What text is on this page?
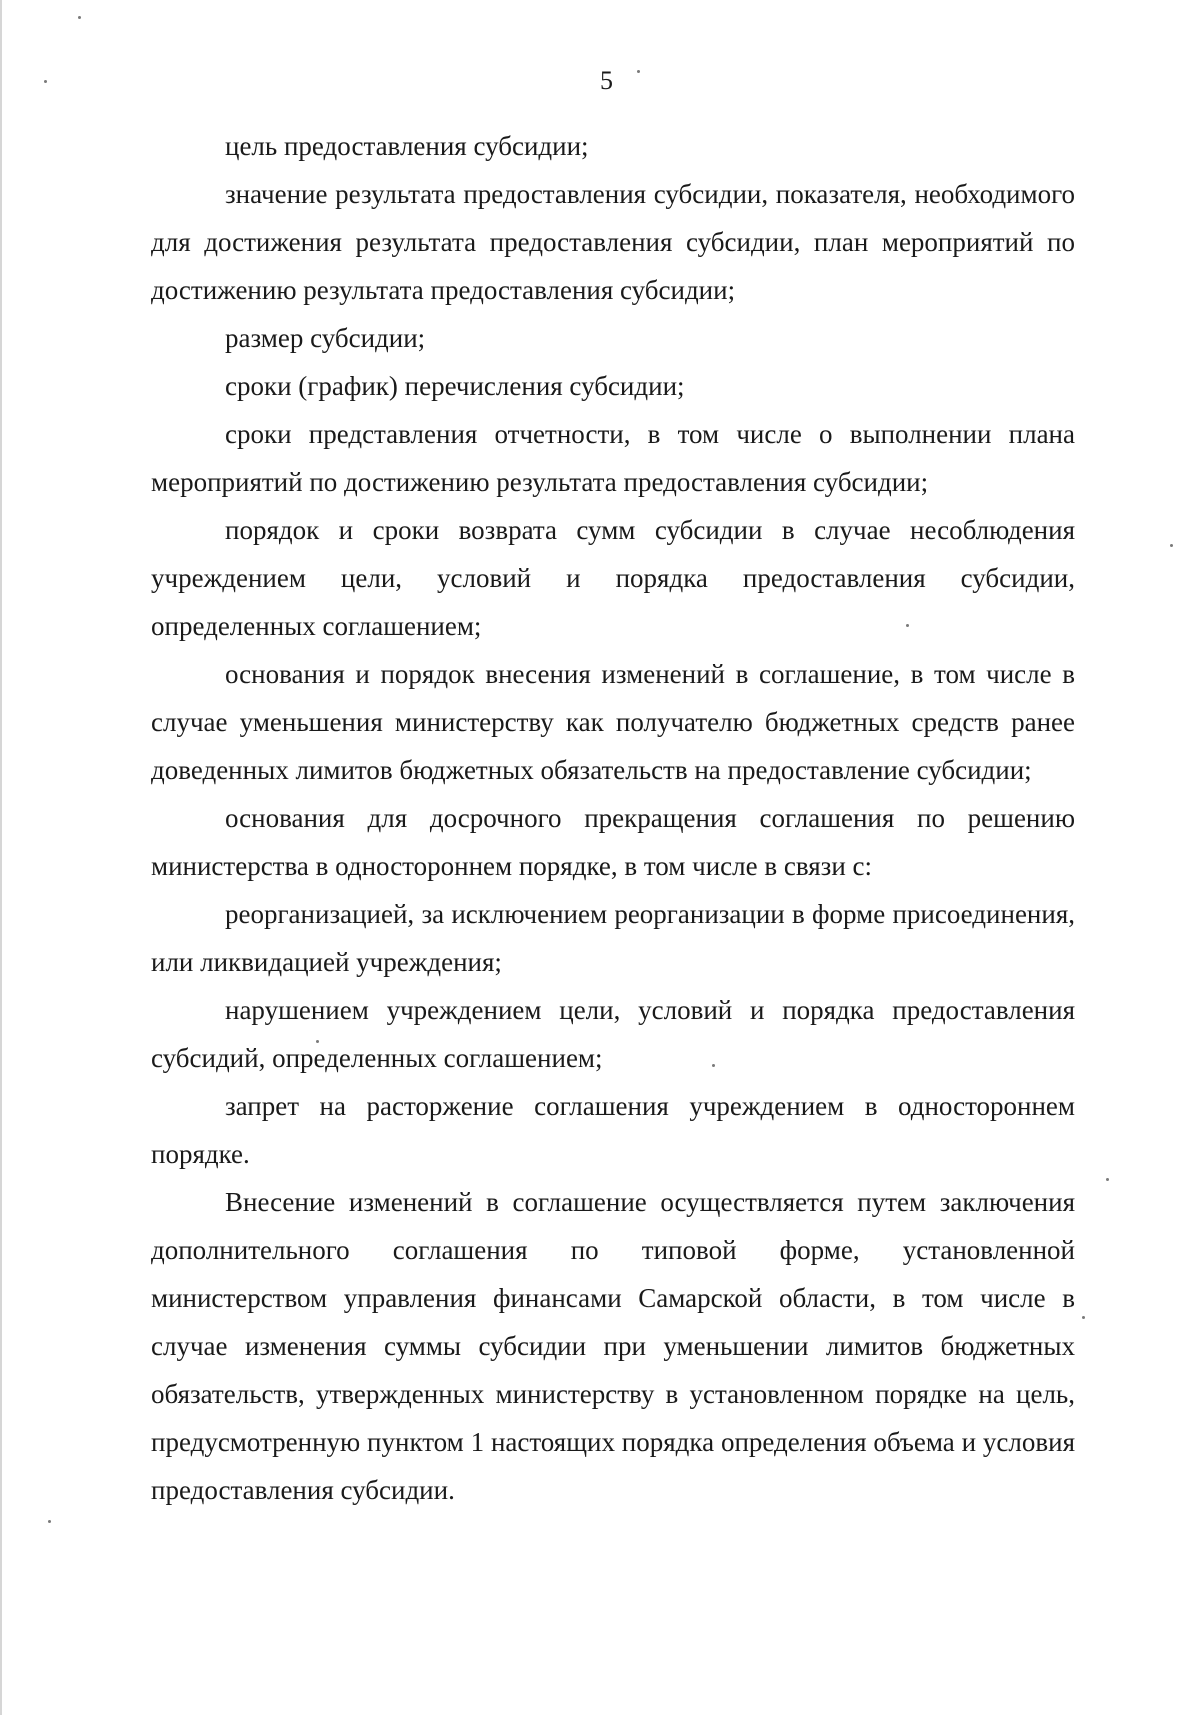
5

цель предоставления субсидии;

значение результата предоставления субсидии, показателя, необходимого для достижения результата предоставления субсидии, план мероприятий по достижению результата предоставления субсидии;

размер субсидии;

сроки (график) перечисления субсидии;

сроки представления отчетности, в том числе о выполнении плана мероприятий по достижению результата предоставления субсидии;

порядок и сроки возврата сумм субсидии в случае несоблюдения учреждением цели, условий и порядка предоставления субсидии, определенных соглашением;

основания и порядок внесения изменений в соглашение, в том числе в случае уменьшения министерству как получателю бюджетных средств ранее доведенных лимитов бюджетных обязательств на предоставление субсидии;

основания для досрочного прекращения соглашения по решению министерства в одностороннем порядке, в том числе в связи с:

реорганизацией, за исключением реорганизации в форме присоединения, или ликвидацией учреждения;

нарушением учреждением цели, условий и порядка предоставления субсидий, определенных соглашением;

запрет на расторжение соглашения учреждением в одностороннем порядке.

Внесение изменений в соглашение осуществляется путем заключения дополнительного соглашения по типовой форме, установленной министерством управления финансами Самарской области, в том числе в случае изменения суммы субсидии при уменьшении лимитов бюджетных обязательств, утвержденных министерству в установленном порядке на цель, предусмотренную пунктом 1 настоящих порядка определения объема и условия предоставления субсидии.
